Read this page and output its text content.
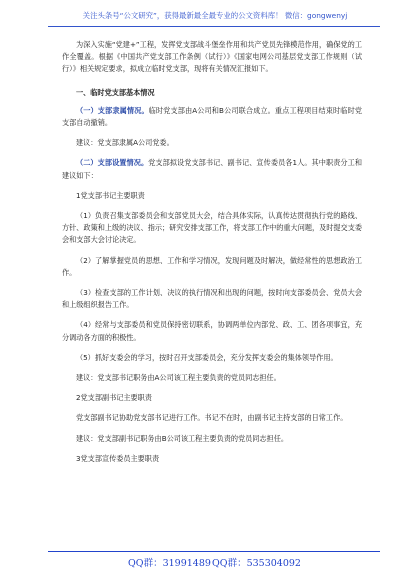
关注头条号“公文研究”，获得最新最全最专业的公文资料库！ 微信：gongwenyj

为深入实施“党建+”工程，发挥党支部战斗堡垒作用和共产党员先锋模范作用，确保党的工作全覆盖。根据《中国共产党支部工作条例（试行）》《国家电网公司基层党支部工作规则（试行）》相关规定要求，拟成立临时党支部，现将有关情况汇报如下。

一、临时党支部基本情况

（一）支部隶属情况。临时党支部由A公司和B公司联合成立。重点工程项目结束时临时党支部自动撤销。

建议：党支部隶属A公司党委。

（二）支部设置情况。党支部拟设党支部书记、副书记、宣传委员各1人。其中职责分工和建议如下：

1党支部书记主要职责

（1）负责召集支部委员会和支部党员大会，结合具体实际，认真传达贯彻执行党的路线、方针、政策和上级的决议、指示；研究安排支部工作，将支部工作中的重大问题，及时提交支委会和支部大会讨论决定。

（2）了解掌握党员的思想、工作和学习情况，发现问题及时解决，做经常性的思想政治工作。

（3）检查支部的工作计划、决议的执行情况和出现的问题，按时向支部委员会、党员大会和上级组织报告工作。

（4）经常与支部委员和党员保持密切联系，协调两单位内部党、政、工、团各项事宜，充分调动各方面的积极性。

（5）抓好支委会的学习，按时召开支部委员会，充分发挥支委会的集体领导作用。

建议：党支部书记职务由A公司该工程主要负责的党员同志担任。

2党支部副书记主要职责

党支部副书记协助党支部书记进行工作。书记不在时，由副书记主持支部的日常工作。

建议：党支部副书记职务由B公司该工程主要负责的党员同志担任。

3党支部宣传委员主要职责

QQ群：31991489 QQ群：535304092
